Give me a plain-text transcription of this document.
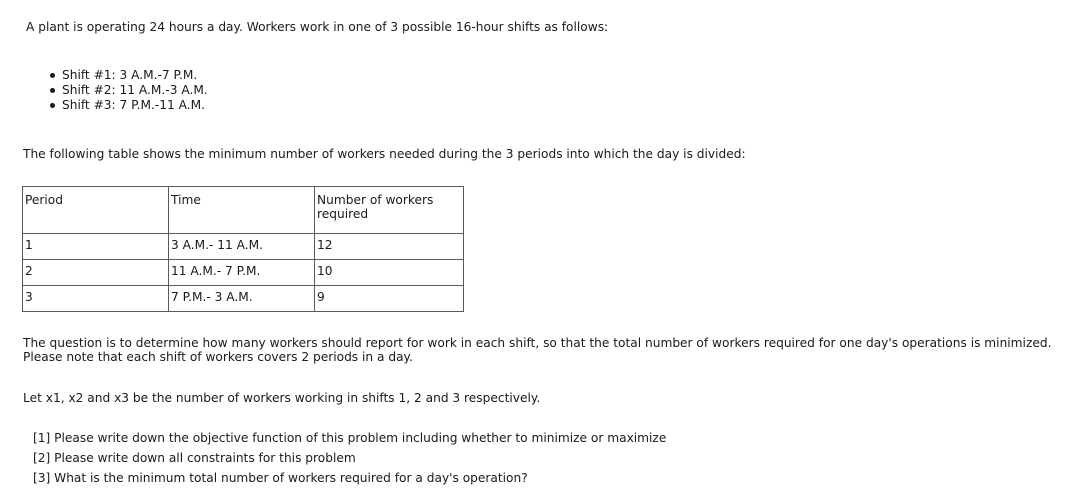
A plant is operating 24 hours a day. Workers work in one of 3 possible 16-hour shifts as follows:
Shift #1: 3 A.M.-7 P.M.
Shift #2: 11 A.M.-3 A.M.
Shift #3: 7 P.M.-11 A.M.
The following table shows the minimum number of workers needed during the 3 periods into which the day is divided:
Period	Time	Number of workers required
1	3 A.M.- 11 A.M.	12
2	11 A.M.- 7 P.M.	10
3	7 P.M.- 3 A.M.	9
The question is to determine how many workers should report for work in each shift, so that the total number of workers required for one day's operations is minimized.
Please note that each shift of workers covers 2 periods in a day.
Let x1, x2 and x3 be the number of workers working in shifts 1, 2 and 3 respectively.
[1] Please write down the objective function of this problem including whether to minimize or maximize
[2] Please write down all constraints for this problem
[3] What is the minimum total number of workers required for a day's operation?
